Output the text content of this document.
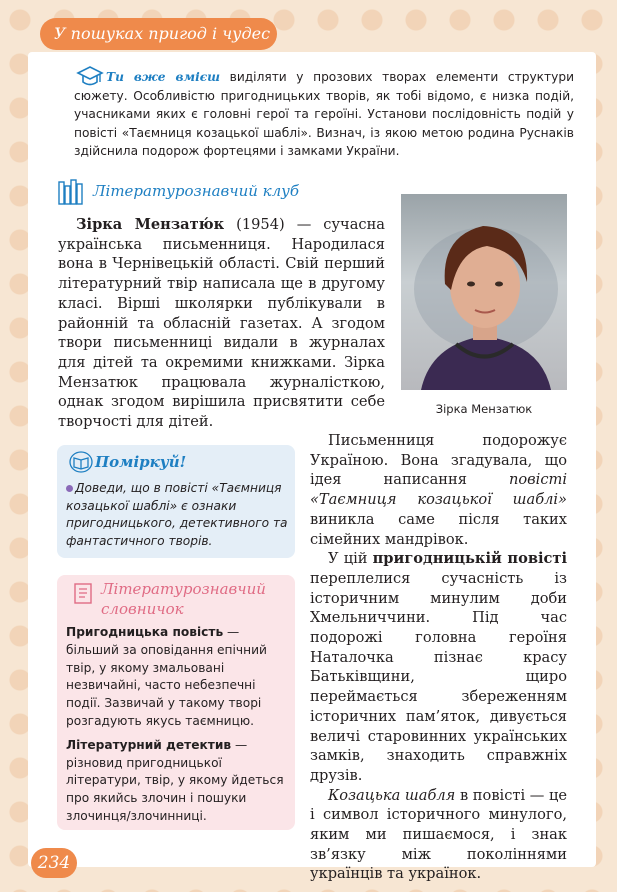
У пошуках пригод і чудес
Ти вже вмієш виділяти у прозових творах елементи структури сюжету. Особливістю пригодницьких творів, як тобі відомо, є низка подій, учасниками яких є головні герої та героїні. Установи послідовність подій у повісті «Таємниця козацької шаблі». Визнач, із якою метою родина Руснаків здійснила подорож фортецями і замками України.
Літературознавчий клуб
Зірка Мензатю́к (1954) — сучасна українська письменниця. Народилася вона в Чернівецькій області. Свій перший літературний твір написала ще в другому класі. Вірші школярки публікували в районній та обласній газетах. А згодом твори письменниці видали в журналах для дітей та окремими книжками. Зірка Мензатюк працювала журналісткою, однак згодом вирішила присвятити себе творчості для дітей.
Зірка Мензатюк
Поміркуй!
Доведи, що в повісті «Таємниця козацької шаблі» є ознаки пригодницького, детективного та фантастичного творів.
Літературознавчий словничок
Пригодницька повість — більший за оповідання епічний твір, у якому змальовані незвичайні, часто небезпечні події. Зазвичай у такому творі розгадують якусь таємницю.
Літературний детектив — різновид пригодницької літератури, твір, у якому йдеться про якийсь злочин і пошуки злочинця/злочинниці.

Письменниця подорожує Україною. Вона згадувала, що ідея написання повісті «Таємниця козацької шаблі» виникла саме після таких сімейних мандрівок.

У цій пригодницькій повісті переплелися сучасність із історичним минулим доби Хмельниччини. Під час подорожі головна героїня Наталочка пізнає красу Батьківщини, щиро переймається збереженням історичних пам’яток, дивується величі старовинних українських замків, знаходить справжніх друзів.

Козацька шабля в повісті — це і символ історичного минулого, яким ми пишаємося, і знак зв’язку між поколіннями українців та українок.

234
